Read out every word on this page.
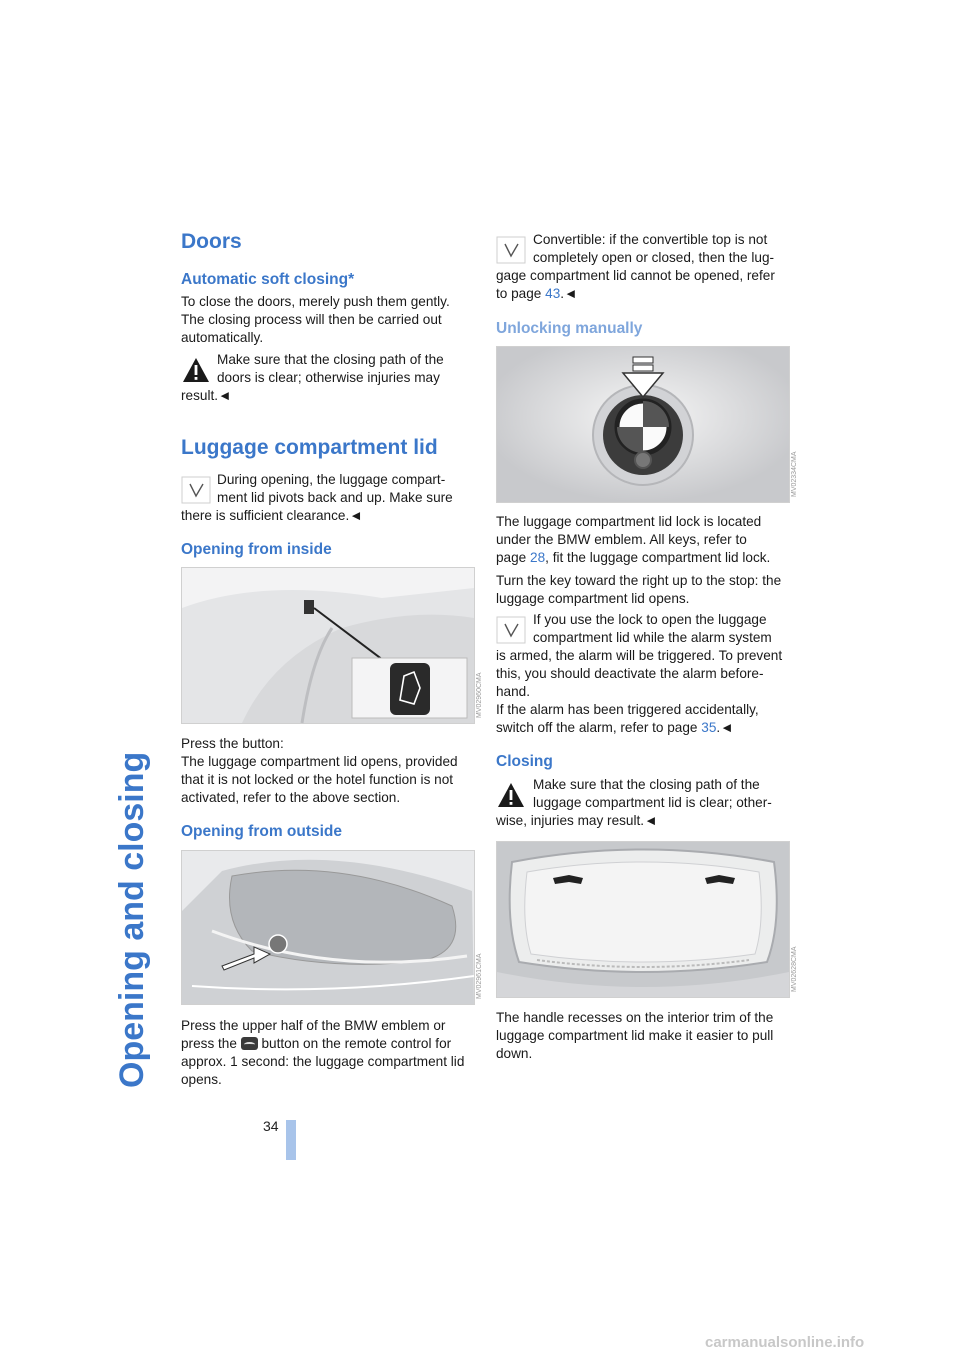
Opening and closing
Doors
Automatic soft closing*
To close the doors, merely push them gently.
The closing process will then be carried out
automatically.
Make sure that the closing path of the
doors is clear; otherwise injuries may
result.◄
Luggage compartment lid
During opening, the luggage compart-
ment lid pivots back and up. Make sure
there is sufficient clearance.◄
Opening from inside
MV02960CMA
Press the button:
The luggage compartment lid opens, provided
that it is not locked or the hotel function is not
activated, refer to the above section.
Opening from outside
MV02961CMA
Press the upper half of the BMW emblem or
press the button on the remote control for
approx. 1 second: the luggage compartment lid
opens.
Convertible: if the convertible top is not
completely open or closed, then the lug-
gage compartment lid cannot be opened, refer
to page 43.◄
Unlocking manually
MV02334CMA
The luggage compartment lid lock is located
under the BMW emblem. All keys, refer to
page 28, fit the luggage compartment lid lock.
Turn the key toward the right up to the stop: the
luggage compartment lid opens.
If you use the lock to open the luggage
compartment lid while the alarm system
is armed, the alarm will be triggered. To prevent
this, you should deactivate the alarm before-
hand.
If the alarm has been triggered accidentally,
switch off the alarm, refer to page 35.◄
Closing
Make sure that the closing path of the
luggage compartment lid is clear; other-
wise, injuries may result.◄
MV02628CMA
The handle recesses on the interior trim of the
luggage compartment lid make it easier to pull
down.
34
carmanualsonline.info
